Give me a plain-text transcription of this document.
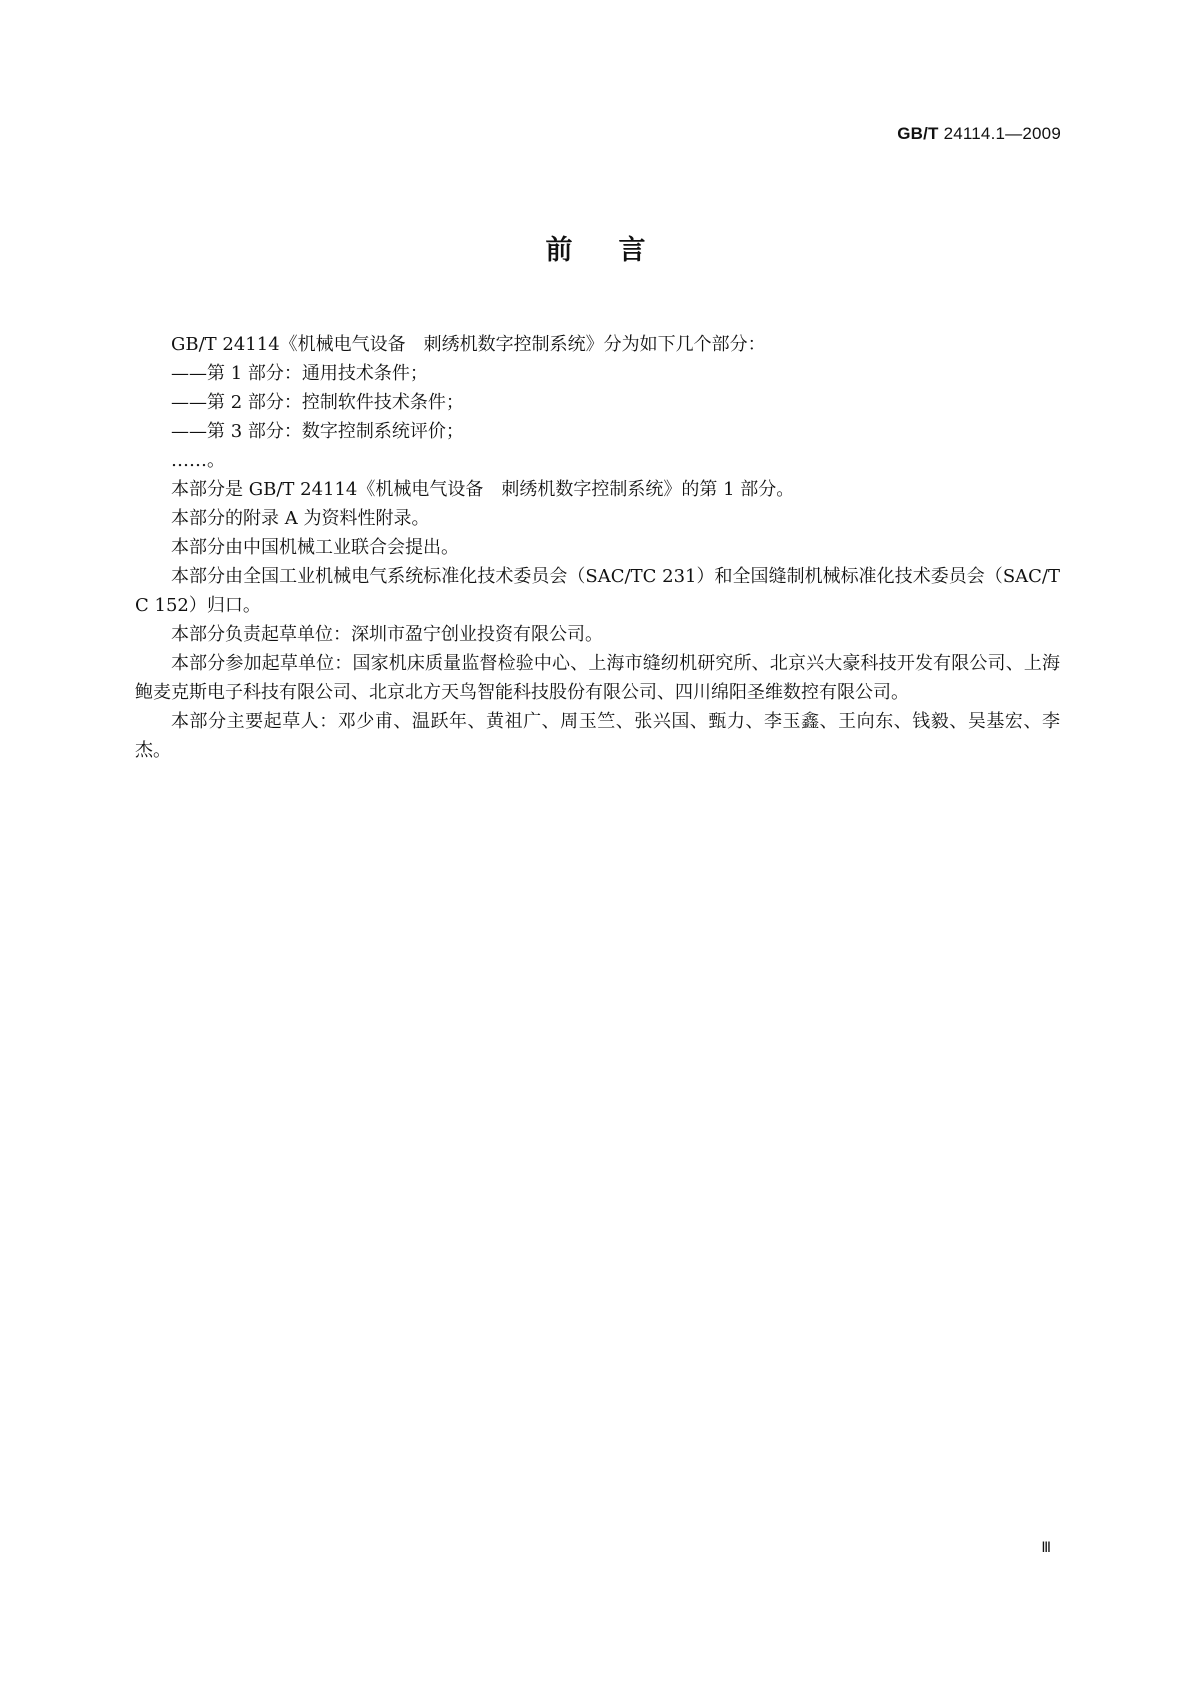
GB/T 24114.1—2009
前言

GB/T 24114《机械电气设备　刺绣机数字控制系统》分为如下几个部分：

——第 1 部分：通用技术条件；

——第 2 部分：控制软件技术条件；

——第 3 部分：数字控制系统评价；

……。

本部分是 GB/T 24114《机械电气设备　刺绣机数字控制系统》的第 1 部分。

本部分的附录 A 为资料性附录。

本部分由中国机械工业联合会提出。

本部分由全国工业机械电气系统标准化技术委员会（SAC/TC 231）和全国缝制机械标准化技术委员会（SAC/TC 152）归口。

本部分负责起草单位：深圳市盈宁创业投资有限公司。

本部分参加起草单位：国家机床质量监督检验中心、上海市缝纫机研究所、北京兴大豪科技开发有限公司、上海鲍麦克斯电子科技有限公司、北京北方天鸟智能科技股份有限公司、四川绵阳圣维数控有限公司。

本部分主要起草人：邓少甫、温跃年、黄祖广、周玉竺、张兴国、甄力、李玉鑫、王向东、钱毅、吴基宏、李杰。

Ⅲ
